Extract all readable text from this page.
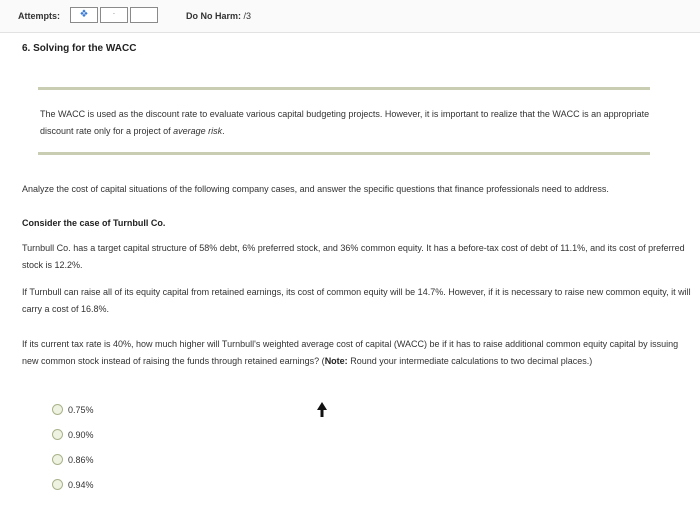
Attempts:	❖	·	Do No Harm: /3
6. Solving for the WACC
The WACC is used as the discount rate to evaluate various capital budgeting projects. However, it is important to realize that the WACC is an appropriate discount rate only for a project of average risk.
Analyze the cost of capital situations of the following company cases, and answer the specific questions that finance professionals need to address.
Consider the case of Turnbull Co.
Turnbull Co. has a target capital structure of 58% debt, 6% preferred stock, and 36% common equity. It has a before-tax cost of debt of 11.1%, and its cost of preferred stock is 12.2%.
If Turnbull can raise all of its equity capital from retained earnings, its cost of common equity will be 14.7%. However, if it is necessary to raise new common equity, it will carry a cost of 16.8%.
If its current tax rate is 40%, how much higher will Turnbull's weighted average cost of capital (WACC) be if it has to raise additional common equity capital by issuing new common stock instead of raising the funds through retained earnings? (Note: Round your intermediate calculations to two decimal places.)
0.75%
0.90%
0.86%
0.94%
